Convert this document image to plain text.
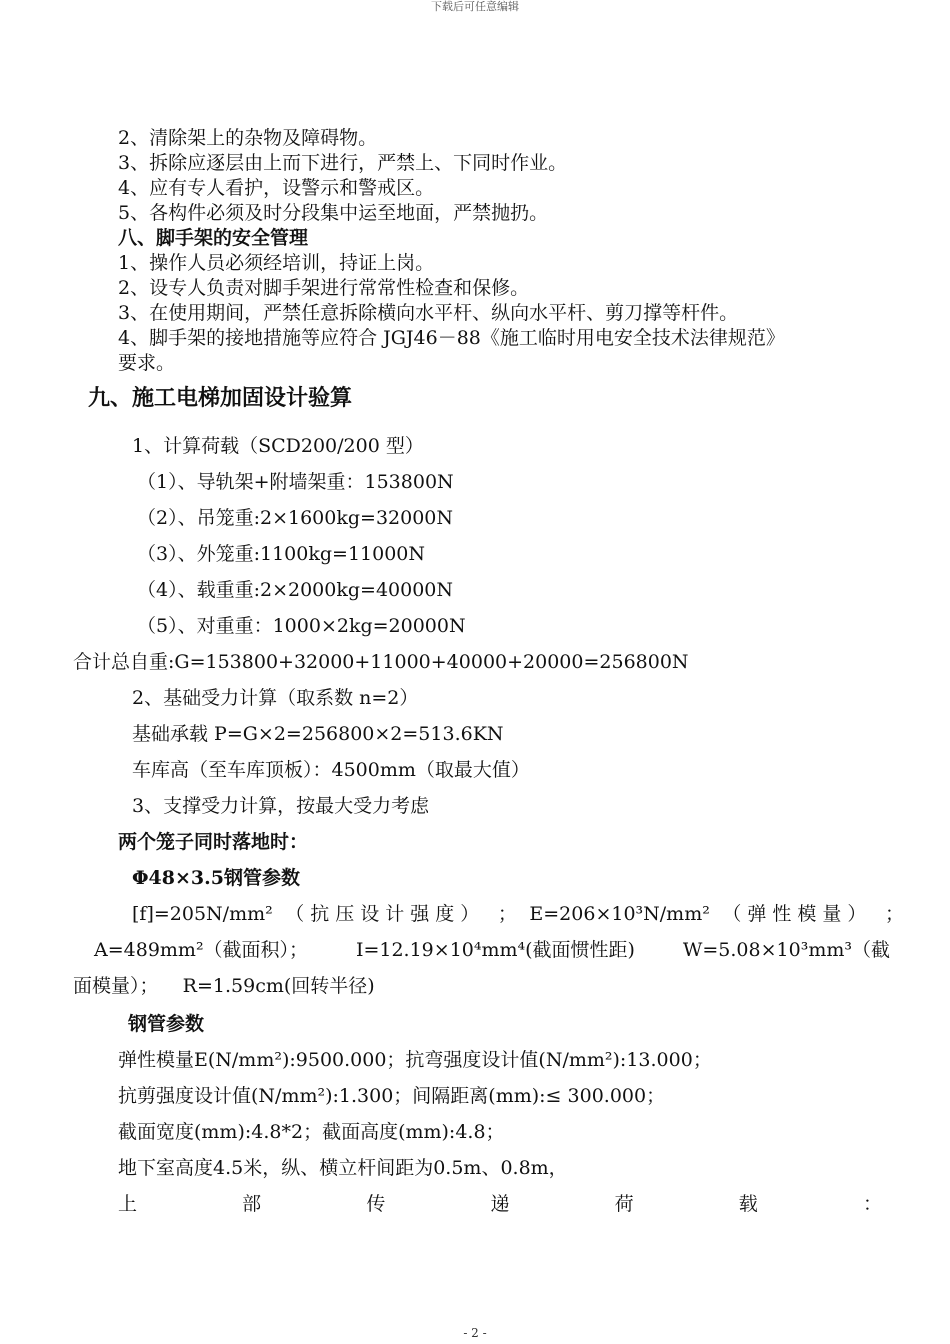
下载后可任意编辑
2、清除架上的杂物及障碍物。
3、拆除应逐层由上而下进行，严禁上、下同时作业。
4、应有专人看护，设警示和警戒区。
5、各构件必须及时分段集中运至地面，严禁抛扔。
八、脚手架的安全管理
1、操作人员必须经培训，持证上岗。
2、设专人负责对脚手架进行常常性检查和保修。
3、在使用期间，严禁任意拆除横向水平杆、纵向水平杆、剪刀撑等杆件。
4、脚手架的接地措施等应符合 JGJ46－88《施工临时用电安全技术法律规范》
要求。
九、施工电梯加固设计验算
1、计算荷载（SCD200/200 型）
（1）、导轨架+附墙架重：153800N
（2）、吊笼重:2×1600kg=32000N
（3）、外笼重:1100kg=11000N
（4）、载重重:2×2000kg=40000N
（5）、对重重：1000×2kg=20000N
合计总自重:G=153800+32000+11000+40000+20000=256800N
2、基础受力计算（取系数 n=2）
基础承载 P=G×2=256800×2=513.6KN
车库高（至车库顶板）：4500mm（取最大值）
3、支撑受力计算，按最大受力考虑
两个笼子同时落地时：
Φ48×3.5钢管参数
[f]=205N/mm² （抗压设计强度） ； E=206×10³N/mm² （弹性模量） ；
A=489mm²（截面积）；	I=12.19×10⁴mm⁴(截面惯性距)	W=5.08×10³mm³（截
面模量）；    R=1.59cm(回转半径)
钢管参数
弹性模量E(N/mm²):9500.000；抗弯强度设计值(N/mm²):13.000；
抗剪强度设计值(N/mm²):1.300；间隔距离(mm):≤ 300.000；
截面宽度(mm):4.8*2；截面高度(mm):4.8；
地下室高度4.5米，纵、横立杆间距为0.5m、0.8m，
上	部	传	递	荷	载	：
- 2 -
